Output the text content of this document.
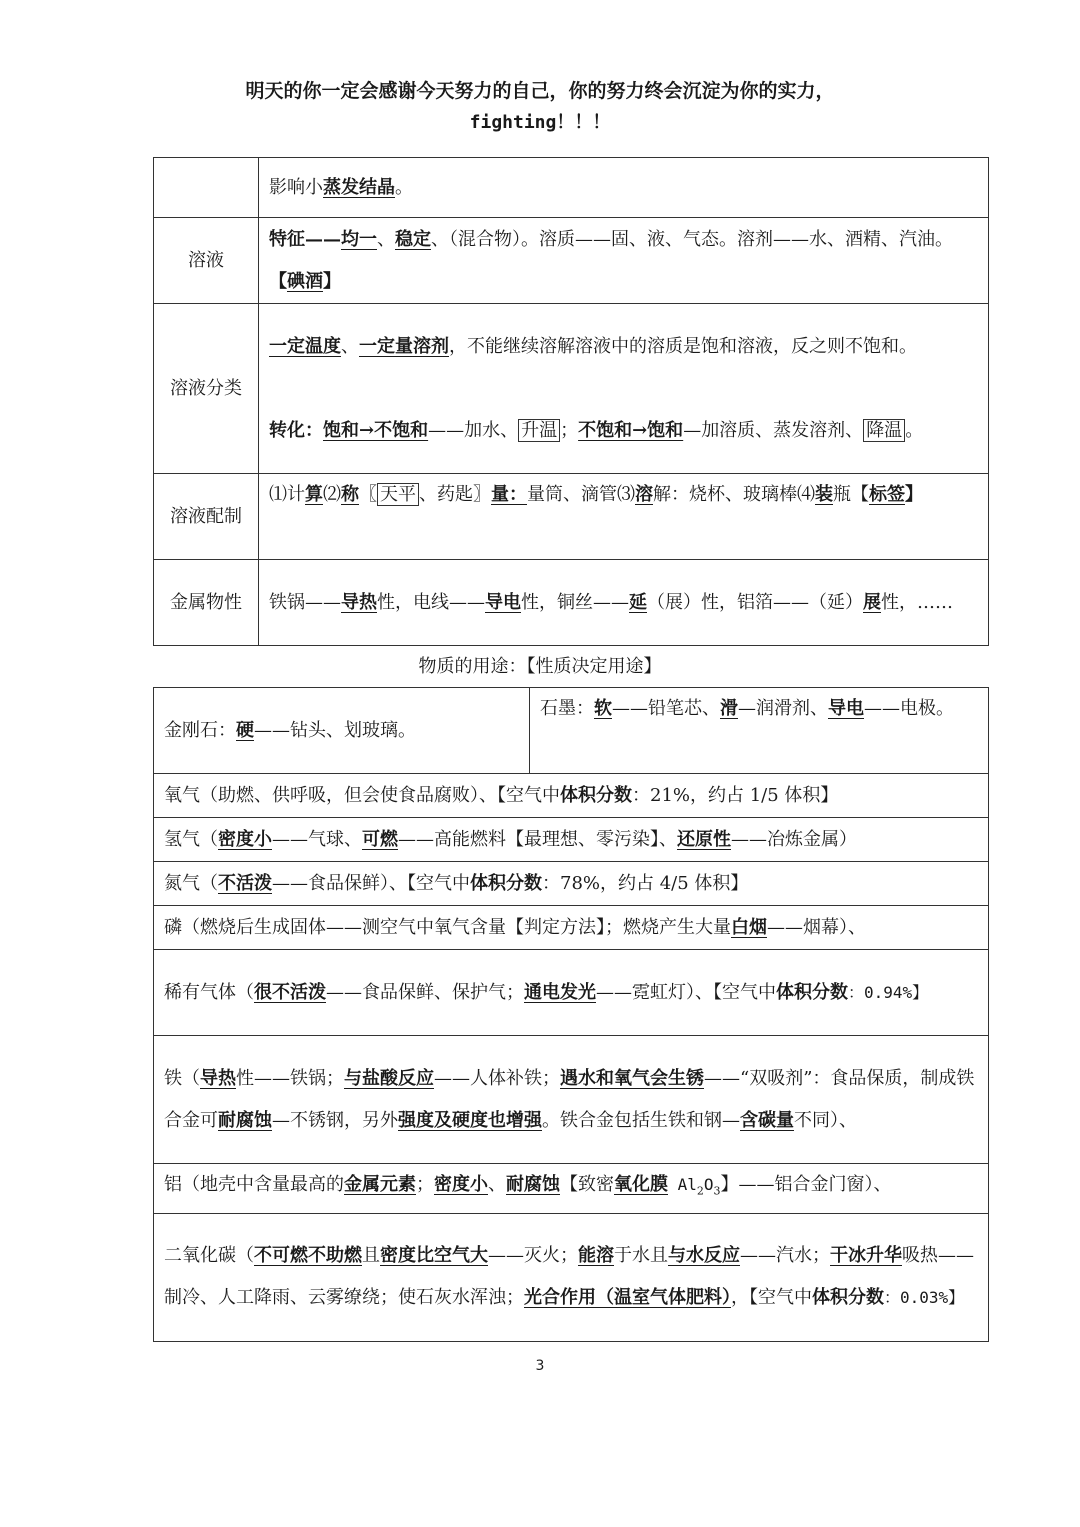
明天的你一定会感谢今天努力的自己，你的努力终会沉淀为你的实力，
fighting！！！
	影响小蒸发结晶。
溶液	特征——均一、稳定、（混合物）。溶质——固、液、气态。溶剂——水、酒精、汽油。【碘酒】
溶液分类	一定温度、一定量溶剂，不能继续溶解溶液中的溶质是饱和溶液，反之则不饱和。
转化：饱和→不饱和——加水、 升温 ；不饱和→饱和—加溶质、蒸发溶剂、 降温 。

溶液配制	⑴计算⑵称〖 天平 、药匙〗量：量筒、滴管⑶溶解：烧杯、玻璃棒⑷装瓶【标签】
金属物性	铁锅——导热性，电线——导电性，铜丝——延（展）性，铝箔——（延）展性，……
物质的用途：【性质决定用途】
金刚石：硬——钻头、划玻璃。	石墨：软——铅笔芯、滑—润滑剂、导电——电极。
氧气（助燃、供呼吸，但会使食品腐败）、【空气中体积分数：21%，约占 1/5 体积】
氢气（密度小——气球、可燃——高能燃料【最理想、零污染】、还原性——冶炼金属）
氮气（不活泼——食品保鲜）、【空气中体积分数：78%，约占 4/5 体积】
磷（燃烧后生成固体——测空气中氧气含量【判定方法】；燃烧产生大量白烟——烟幕）、
稀有气体（很不活泼——食品保鲜、保护气；通电发光——霓虹灯）、【空气中体积分数：0.94%】
铁（导热性——铁锅；与盐酸反应——人体补铁；遇水和氧气会生锈——“双吸剂”：食品保质，制成铁合金可耐腐蚀—不锈钢，另外强度及硬度也增强。铁合金包括生铁和钢—含碳量不同）、
铝（地壳中含量最高的金属元素；密度小、耐腐蚀【致密氧化膜 $Al_2O_3$】——铝合金门窗）、
二氧化碳（不可燃不助燃且密度比空气大——灭火；能溶于水且与水反应——汽水；干冰升华吸热——制冷、人工降雨、云雾缭绕；使石灰水浑浊；光合作用（温室气体肥料），【空气中体积分数：0.03%】
3
